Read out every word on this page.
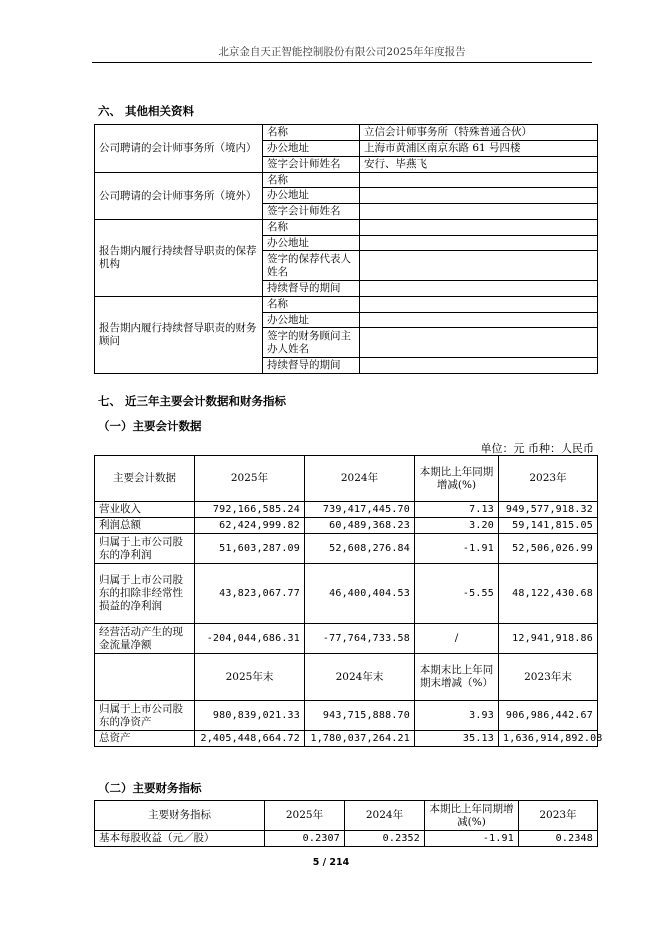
北京金自天正智能控制股份有限公司2025年年度报告
六、 其他相关资料
公司聘请的会计师事务所（境内）	名称	立信会计师事务所（特殊普通合伙）
	办公地址	上海市黄浦区南京东路 61 号四楼
	签字会计师姓名	安行、毕燕飞
公司聘请的会计师事务所（境外）	名称	
	办公地址	
	签字会计师姓名	
报告期内履行持续督导职责的保荐机构	名称	
	办公地址	
	签字的保荐代表人姓名	
	持续督导的期间	
报告期内履行持续督导职责的财务顾问	名称	
	办公地址	
	签字的财务顾问主办人姓名	
	持续督导的期间	
七、 近三年主要会计数据和财务指标
（一）主要会计数据
单位：元 币种：人民币
主要会计数据	2025年	2024年	本期比上年同期增减(%)	2023年
营业收入	792,166,585.24	739,417,445.70	7.13	949,577,918.32
利润总额	62,424,999.82	60,489,368.23	3.20	59,141,815.05
归属于上市公司股东的净利润	51,603,287.09	52,608,276.84	-1.91	52,506,026.99
归属于上市公司股东的扣除非经常性损益的净利润	43,823,067.77	46,400,404.53	-5.55	48,122,430.68
经营活动产生的现金流量净额	-204,044,686.31	-77,764,733.58	/	12,941,918.86
	2025年末	2024年末	本期末比上年同期末增减（%）	2023年末
归属于上市公司股东的净资产	980,839,021.33	943,715,888.70	3.93	906,986,442.67
总资产	2,405,448,664.72	1,780,037,264.21	35.13	1,636,914,892.08
（二）主要财务指标
主要财务指标	2025年	2024年	本期比上年同期增减(%)	2023年
基本每股收益（元／股）	0.2307	0.2352	-1.91	0.2348
5 / 214
